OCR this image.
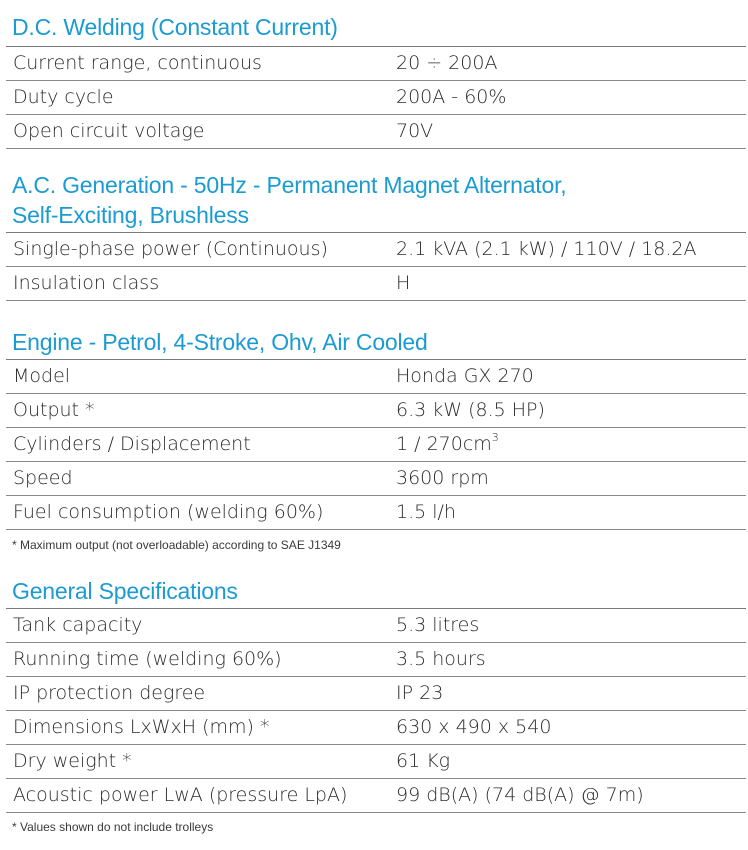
D.C. Welding (Constant Current)
Current range, continuous	20 ÷ 200A
Duty cycle	200A - 60%
Open circuit voltage	70V
A.C. Generation - 50Hz - Permanent Magnet Alternator,
Self-Exciting, Brushless
Single-phase power (Continuous)	2.1 kVA (2.1 kW) / 110V / 18.2A
Insulation class	H
Engine - Petrol, 4-Stroke, Ohv, Air Cooled
Model	Honda GX 270
Output *	6.3 kW (8.5 HP)
Cylinders / Displacement	$1 / 270cm^3$
Speed	3600 rpm
Fuel consumption (welding 60%)	1.5 l/h
* Maximum output (not overloadable) according to SAE J1349
General Specifications
Tank capacity	5.3 litres
Running time (welding 60%)	3.5 hours
IP protection degree	IP 23
Dimensions LxWxH (mm) *	630 x 490 x 540
Dry weight *	61 Kg
Acoustic power LwA (pressure LpA)	99 dB(A) (74 dB(A) @ 7m)
* Values shown do not include trolleys
